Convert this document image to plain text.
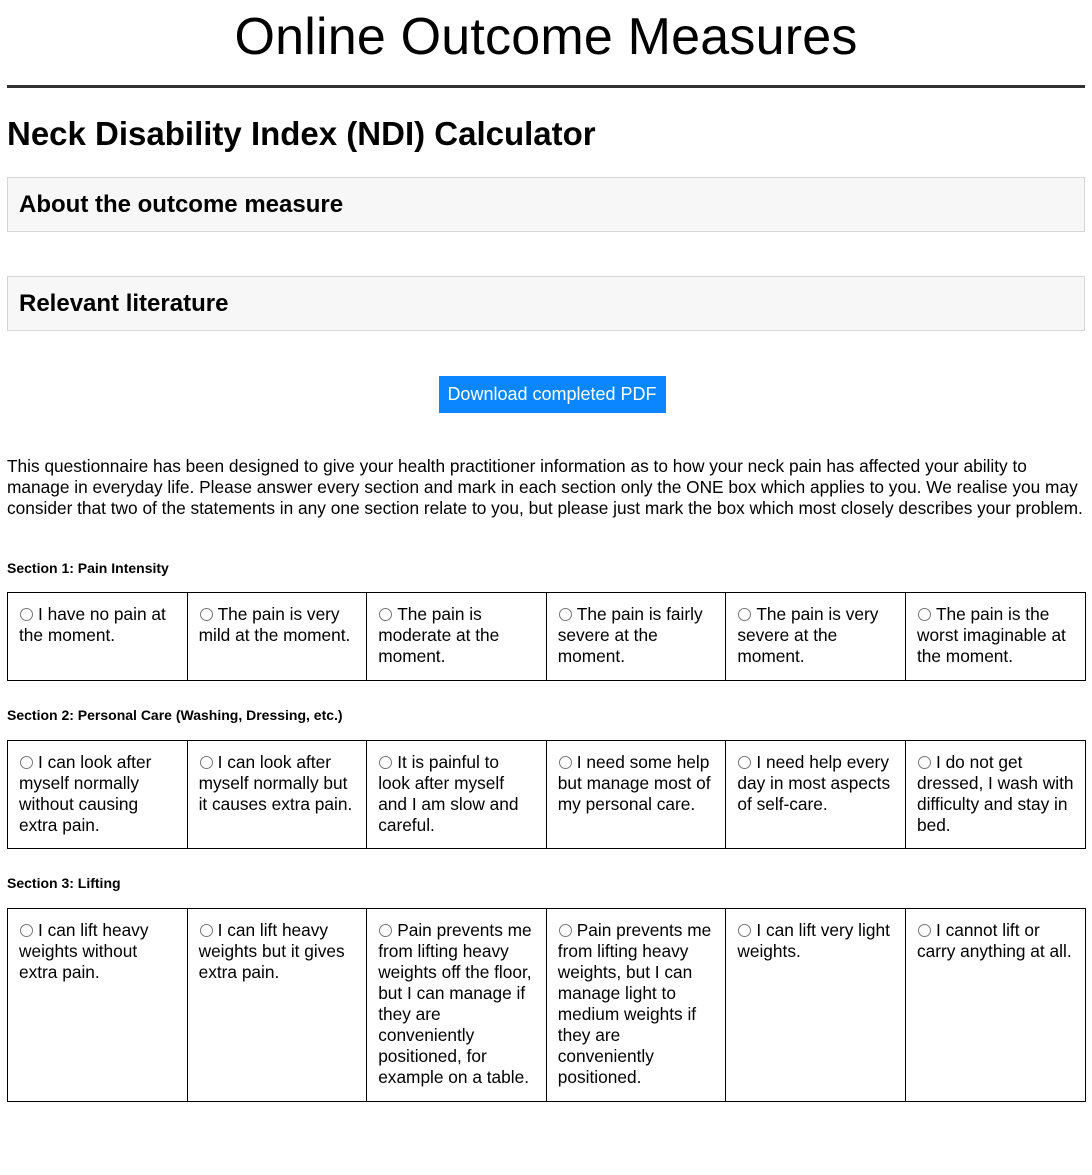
Online Outcome Measures
Neck Disability Index (NDI) Calculator
About the outcome measure
Relevant literature
Download completed PDF

This questionnaire has been designed to give your health practitioner information as to how your neck pain has affected your ability to manage in everyday life. Please answer every section and mark in each section only the ONE box which applies to you. We realise you may consider that two of the statements in any one section relate to you, but please just mark the box which most closely describes your problem.

Section 1: Pain Intensity

I have no pain at the moment.	The pain is very mild at the moment.	The pain is moderate at the moment.	The pain is fairly severe at the moment.	The pain is very severe at the moment.	The pain is the worst imaginable at the moment.

Section 2: Personal Care (Washing, Dressing, etc.)

I can look after myself normally without causing extra pain.	I can look after myself normally but it causes extra pain.	It is painful to look after myself and I am slow and careful.	I need some help but manage most of my personal care.	I need help every day in most aspects of self-care.	I do not get dressed, I wash with difficulty and stay in bed.

Section 3: Lifting

I can lift heavy weights without extra pain.	I can lift heavy weights but it gives extra pain.	Pain prevents me from lifting heavy weights off the floor, but I can manage if they are conveniently positioned, for example on a table.	Pain prevents me from lifting heavy weights, but I can manage light to medium weights if they are conveniently positioned.	I can lift very light weights.	I cannot lift or carry anything at all.
